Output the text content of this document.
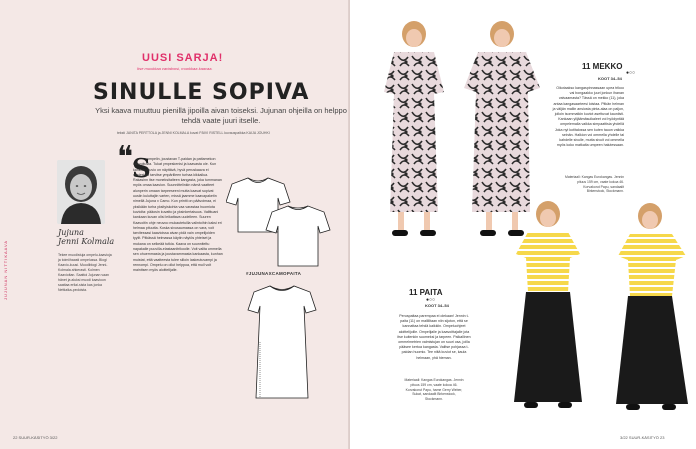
UUSI SARJA!

Itse muokkaa vartaloosi, muokkaa kaavaa.

SINULLE SOPIVA

Yksi kaava muuttuu pienillä jipoilla aivan toiseksi. Jujunan ohjeilla on helppo tehdä vaate juuri itselle.

teksti JANITA PERTTOLA ja JENNI KOLMALA kuvat PÄIVI RISTELL kuvauspaikka KAIJA JOUHKI

JUJUNAN NITTIKAAVA

Jujuna
Jenni Kolmala

Tekee muodistuja ompelu-kaavioja ja toimiihaasti ompelussa. Blogi Kaavio-kuusi. Muodiblogi Jenni-Kolmala ahkerasti. Kolmen Kaavioitan. Saattoi Jujunan vaan hänet ja aluksi muodi kaavioon saattaa erilai-sista kas jonka Nettiaika-pedoista.

❝

S

ompelin, joustavan T-paidan ja pattamekon kaavoitusta. Tukat ympeskenisi ja kaavasta ole. Kun kankaan kuvio on näyttävä, hyvä peruskaava ei mielestäni tarvitse ympärilleen turhaa kikkailua. Rakasinn itse moneksitaiteen kangasta, joka tummanan myös omaa kaavion. Suunnittelinkin nämä vaatteet alunperin omaan tarpeeseeni mutta kaavat sopivat uusiin kuluttajiin varten, missä jaamme kaavapaketin nimellä Jujuna x Camo. Kun printti on päävoimaa, ei yksikään turha yksityiskohta vaa varastaa huomiota kuviolta: pääosin kuvatto ja yksinkertaisuus. Valittuani kankaan kuvan olisi leikattava uudelleen. Suuren Kaavoitin ohje neuvoo mukautetuilla valintoihin kaksi eri helmaa pituutta. Koska sivusaumassa on vara, voit tarvitessasi kaavioissa aivan pidä vain ompelijoiden tyylit. Pitkässä helmassa käytin näytös yhteiset ja mukana on selkeää tutkia. Kaava on suunniteltu napakalle puuvilla-elastaanitrikoolle. Voit valita ommella sen ohuemmasta ja joustavammasta kankaasta, kunhan muistat, että vaatteesta tulee silloin laskeutuvampi ja rennompi. Ompelu on ollut helppoa, että mull voit mainitsen myös aloittelijalle.

#JUJUNAXCAMOPAITA

22 SUUR-KÄSITYÖ 3/22	3/22 SUUR-KÄSITYÖ 23

11 MEKKO

●○○

KOOT 34–54

Oikotaakso kangaspinnassaan upea trikoo vai bongaakko juuri jonkun ihanan vaivaamasta? Tässä on mekko (11), joka antaa kangasaarteesi loistaa. Pitkän helman ja väljän mallin ansiosta pinta-alaa on paljon, jolloin isommatkin kuviot asettuvat kauniisti. Kankaan ylijäämäsuikaleet voi hyödyntää ompelemalla vaikka simpaattisia yhdellä Joka nyt kotitalossa sen kuten tauon vaikka seinän. Halkion voi ommella yhdelle tai kahdelle sivulle, mutta sivuit voi ommella myös koko matkalta umpeen halutessaan.

Materiaali: Kangas Eurokangas. Jennin pituus 159 cm, vaate kokoa 46. Korvakorut Papu, sandaalit Birkenstock, Stockmann.

11 PAITA

●○○

KOOT 34–54

Peruspaitaa parempaa ei olekaan! Jennin t-paita (11) on mallilltaan niin sijoton, että se kannattaa tehdä kaikkiin. Ompeluohjeet aloittelijoille. Ompelijalle ja kaavoittajalle jota itse kuitenkin suomeksi ja tarpeen. Paikallinen ommelmetrien valmistujan on suuri osa, joilla pääsee kertoa kangasta. Valitse pohjassa t-paidan huomio. Tee niitä kuviot se, kaula helmaan, yhä hieman.

Materiaali: Kangas Eurokangas. Jennin pituus 159 cm, vaate kokoa 46. Korvakorut Papu, hame Gerry Weber, Sukat, sandaalit Birkenstock, Stockmann.
